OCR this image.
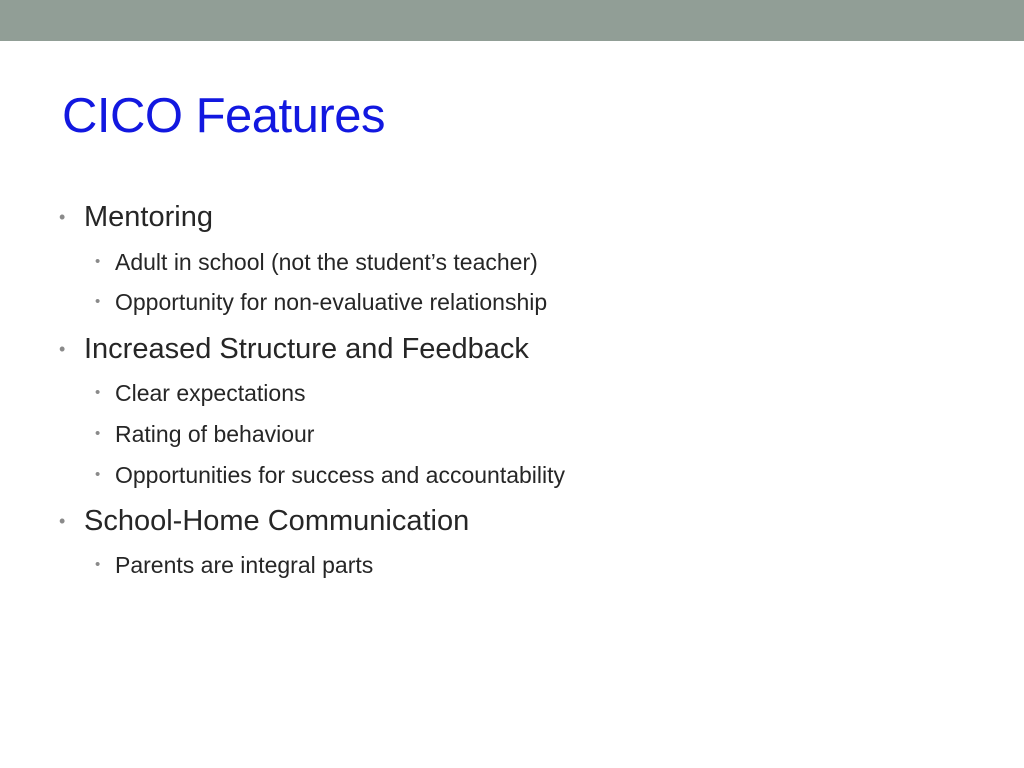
CICO Features
• Mentoring
• Adult in school (not the student’s teacher)
• Opportunity for non-evaluative relationship
• Increased Structure and Feedback
• Clear expectations
• Rating of behaviour
• Opportunities for success and accountability
• School-Home Communication
• Parents are integral parts
